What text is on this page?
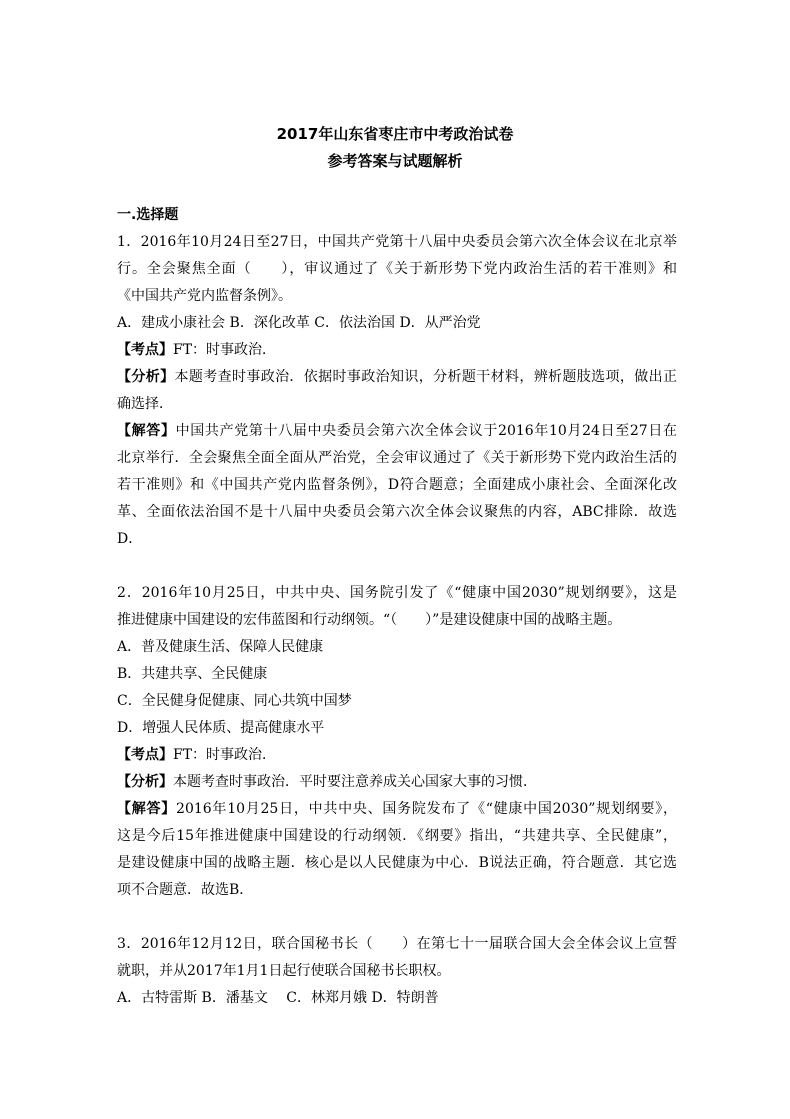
2017年山东省枣庄市中考政治试卷
参考答案与试题解析
一.选择题
1．2016年10月24日至27日，中国共产党第十八届中央委员会第六次全体会议在北京举
行。全会聚焦全面（　　），审议通过了《关于新形势下党内政治生活的若干准则》和
《中国共产党内监督条例》。
A．建成小康社会 B．深化改革 C．依法治国 D．从严治党
【考点】FT：时事政治．
【分析】本题考查时事政治．依据时事政治知识，分析题干材料，辨析题肢选项，做出正
确选择．
【解答】中国共产党第十八届中央委员会第六次全体会议于2016年10月24日至27日在
北京举行．全会聚焦全面全面从严治党，全会审议通过了《关于新形势下党内政治生活的
若干准则》和《中国共产党内监督条例》，D符合题意；全面建成小康社会、全面深化改
革、全面依法治国不是十八届中央委员会第六次全体会议聚焦的内容，ABC排除．故选
D．
2．2016年10月25日，中共中央、国务院引发了《“健康中国2030”规划纲要》，这是
推进健康中国建设的宏伟蓝图和行动纲领。“（　　）”是建设健康中国的战略主题。
A．普及健康生活、保障人民健康
B．共建共享、全民健康
C．全民健身促健康、同心共筑中国梦
D．增强人民体质、提高健康水平
【考点】FT：时事政治．
【分析】本题考查时事政治．平时要注意养成关心国家大事的习惯．
【解答】2016年10月25日，中共中央、国务院发布了《“健康中国2030”规划纲要》，
这是今后15年推进健康中国建设的行动纲领．《纲要》指出，“共建共享、全民健康”，
是建设健康中国的战略主题．核心是以人民健康为中心．B说法正确，符合题意．其它选
项不合题意．故选B．
3．2016年12月12日，联合国秘书长（　　）在第七十一届联合国大会全体会议上宣誓
就职，并从2017年1月1日起行使联合国秘书长职权。
A．古特雷斯 B．潘基文　 C．林郑月娥 D．特朗普
